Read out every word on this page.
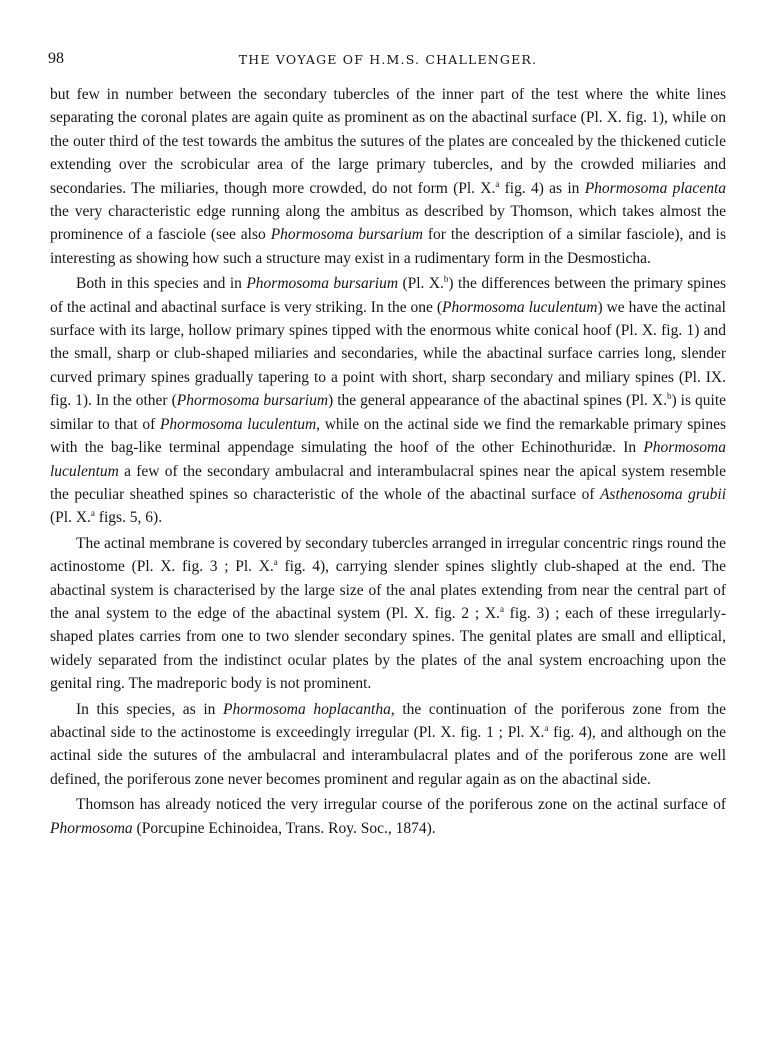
98	THE VOYAGE OF H.M.S. CHALLENGER.

but few in number between the secondary tubercles of the inner part of the test where the white lines separating the coronal plates are again quite as prominent as on the abactinal surface (Pl. X. fig. 1), while on the outer third of the test towards the ambitus the sutures of the plates are concealed by the thickened cuticle extending over the scrobicular area of the large primary tubercles, and by the crowded miliaries and secondaries. The miliaries, though more crowded, do not form (Pl. X.$^a$ fig. 4) as in Phormosoma placenta the very characteristic edge running along the ambitus as described by Thomson, which takes almost the prominence of a fasciole (see also Phormosoma bursarium for the description of a similar fasciole), and is interesting as showing how such a structure may exist in a rudimentary form in the Desmosticha.

Both in this species and in Phormosoma bursarium (Pl. X.$^b$) the differences between the primary spines of the actinal and abactinal surface is very striking. In the one (Phormosoma luculentum) we have the actinal surface with its large, hollow primary spines tipped with the enormous white conical hoof (Pl. X. fig. 1) and the small, sharp or club-shaped miliaries and secondaries, while the abactinal surface carries long, slender curved primary spines gradually tapering to a point with short, sharp secondary and miliary spines (Pl. IX. fig. 1). In the other (Phormosoma bursarium) the general appearance of the abactinal spines (Pl. X.$^b$) is quite similar to that of Phormosoma luculentum, while on the actinal side we find the remarkable primary spines with the bag-like terminal appendage simulating the hoof of the other Echinothuridæ. In Phormosoma luculentum a few of the secondary ambulacral and interambulacral spines near the apical system resemble the peculiar sheathed spines so characteristic of the whole of the abactinal surface of Asthenosoma grubii (Pl. X.$^a$ figs. 5, 6).

The actinal membrane is covered by secondary tubercles arranged in irregular concentric rings round the actinostome (Pl. X. fig. 3 ; Pl. X.$^a$ fig. 4), carrying slender spines slightly club-shaped at the end. The abactinal system is characterised by the large size of the anal plates extending from near the central part of the anal system to the edge of the abactinal system (Pl. X. fig. 2 ; X.$^a$ fig. 3) ; each of these irregularly-shaped plates carries from one to two slender secondary spines. The genital plates are small and elliptical, widely separated from the indistinct ocular plates by the plates of the anal system encroaching upon the genital ring. The madreporic body is not prominent.

In this species, as in Phormosoma hoplacantha, the continuation of the poriferous zone from the abactinal side to the actinostome is exceedingly irregular (Pl. X. fig. 1 ; Pl. X.$^a$ fig. 4), and although on the actinal side the sutures of the ambulacral and interambulacral plates and of the poriferous zone are well defined, the poriferous zone never becomes prominent and regular again as on the abactinal side.

Thomson has already noticed the very irregular course of the poriferous zone on the actinal surface of Phormosoma (Porcupine Echinoidea, Trans. Roy. Soc., 1874).
